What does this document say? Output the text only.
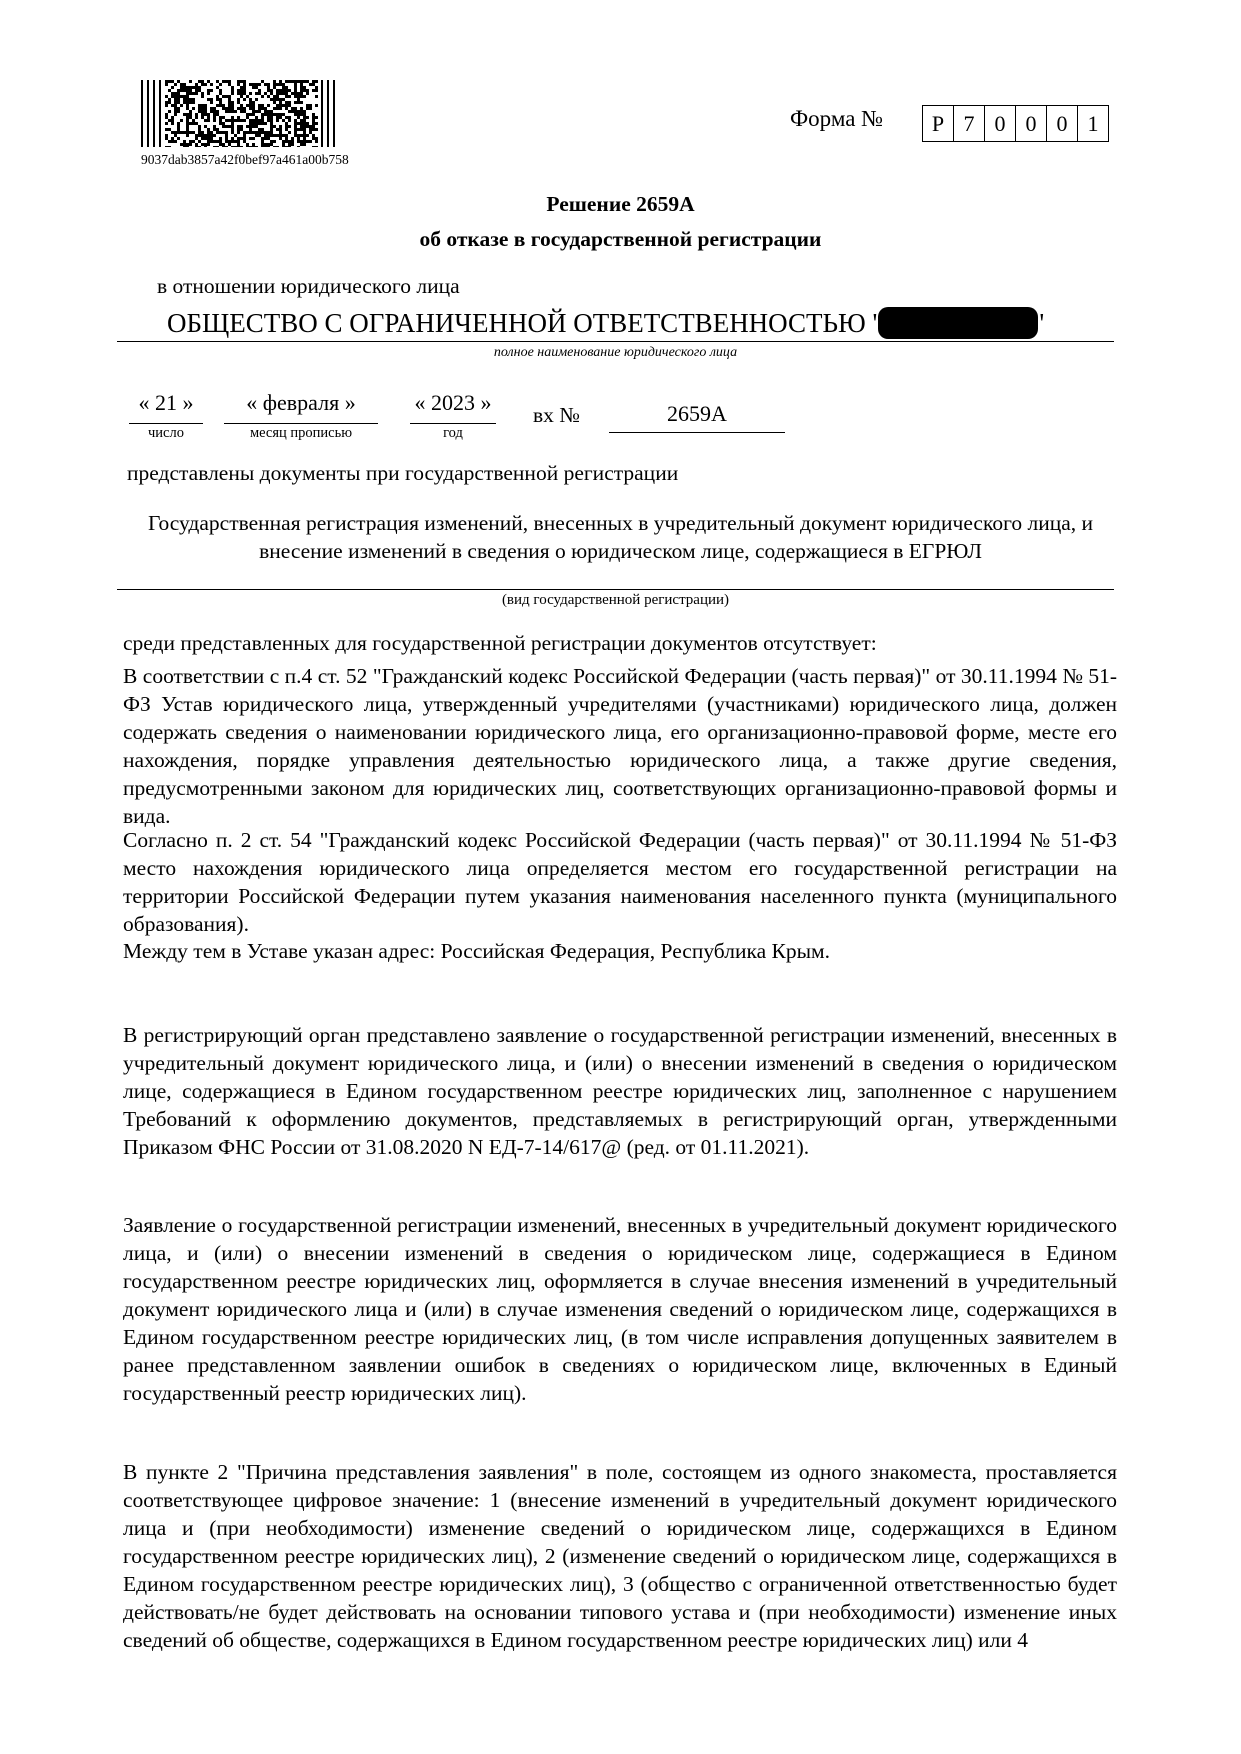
9037dab3857a42f0bef97a461a00b758
Форма №	Р 7 0 0 0 1
Решение 2659А
об отказе в государственной регистрации
в отношении юридического лица
ОБЩЕСТВО С ОГРАНИЧЕННОЙ ОТВЕТСТВЕННОСТЬЮ '	'
полное наименование юридического лица
« 21 »
число
« февраля »
месяц прописью
« 2023 »
год
вх №	2659А
представлены документы при государственной регистрации
Государственная регистрация изменений, внесенных в учредительный документ юридического лица, и внесение изменений в сведения о юридическом лице, содержащиеся в ЕГРЮЛ
(вид государственной регистрации)
среди представленных для государственной регистрации документов отсутствует:

В соответствии с п.4 ст. 52 "Гражданский кодекс Российской Федерации (часть первая)" от 30.11.1994 № 51-ФЗ Устав юридического лица, утвержденный учредителями (участниками) юридического лица, должен содержать сведения о наименовании юридического лица, его организационно-правовой форме, месте его нахождения, порядке управления деятельностью юридического лица, а также другие сведения, предусмотренными законом для юридических лиц, соответствующих организационно-правовой формы и вида.

Согласно п. 2 ст. 54 "Гражданский кодекс Российской Федерации (часть первая)" от 30.11.1994 № 51-ФЗ место нахождения юридического лица определяется местом его государственной регистрации на территории Российской Федерации путем указания наименования населенного пункта (муниципального образования).

Между тем в Уставе указан адрес: Российская Федерация, Республика Крым.

В регистрирующий орган представлено заявление о государственной регистрации изменений, внесенных в учредительный документ юридического лица, и (или) о внесении изменений в сведения о юридическом лице, содержащиеся в Едином государственном реестре юридических лиц, заполненное с нарушением Требований к оформлению документов, представляемых в регистрирующий орган, утвержденными Приказом ФНС России от 31.08.2020 N ЕД-7-14/617@ (ред. от 01.11.2021).

Заявление о государственной регистрации изменений, внесенных в учредительный документ юридического лица, и (или) о внесении изменений в сведения о юридическом лице, содержащиеся в Едином государственном реестре юридических лиц, оформляется в случае внесения изменений в учредительный документ юридического лица и (или) в случае изменения сведений о юридическом лице, содержащихся в Едином государственном реестре юридических лиц, (в том числе исправления допущенных заявителем в ранее представленном заявлении ошибок в сведениях о юридическом лице, включенных в Единый государственный реестр юридических лиц).

В пункте 2 "Причина представления заявления" в поле, состоящем из одного знакоместа, проставляется соответствующее цифровое значение: 1 (внесение изменений в учредительный документ юридического лица и (при необходимости) изменение сведений о юридическом лице, содержащихся в Едином государственном реестре юридических лиц), 2 (изменение сведений о юридическом лице, содержащихся в Едином государственном реестре юридических лиц), 3 (общество с ограниченной ответственностью будет действовать/не будет действовать на основании типового устава и (при необходимости) изменение иных сведений об обществе, содержащихся в Едином государственном реестре юридических лиц) или 4
